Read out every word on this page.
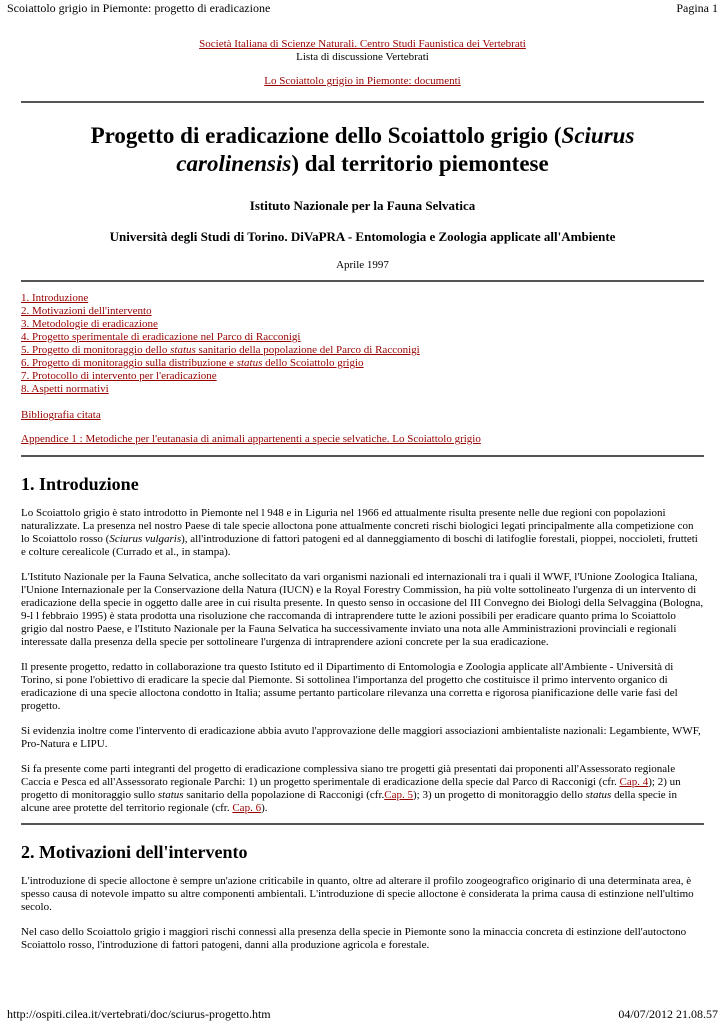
Scoiattolo grigio in Piemonte: progetto di eradicazione	Pagina 1
Società Italiana di Scienze Naturali. Centro Studi Faunistica dei Vertebrati
Lista di discussione Vertebrati
Lo Scoiattolo grigio in Piemonte: documenti
Progetto di eradicazione dello Scoiattolo grigio (Sciurus carolinensis) dal territorio piemontese
Istituto Nazionale per la Fauna Selvatica
Università degli Studi di Torino. DiVaPRA - Entomologia e Zoologia applicate all'Ambiente
Aprile 1997
1. Introduzione
2. Motivazioni dell'intervento
3. Metodologie di eradicazione
4. Progetto sperimentale di eradicazione nel Parco di Racconigi
5. Progetto di monitoraggio dello status sanitario della popolazione del Parco di Racconigi
6. Progetto di monitoraggio sulla distribuzione e status dello Scoiattolo grigio
7. Protocollo di intervento per l'eradicazione
8. Aspetti normativi
Bibliografia citata
Appendice 1 : Metodiche per l'eutanasia di animali appartenenti a specie selvatiche. Lo Scoiattolo grigio
1. Introduzione

Lo Scoiattolo grigio è stato introdotto in Piemonte nel l 948 e in Liguria nel 1966 ed attualmente risulta presente nelle due regioni con popolazioni naturalizzate. La presenza nel nostro Paese di tale specie alloctona pone attualmente concreti rischi biologici legati principalmente alla competizione con lo Scoiattolo rosso (Sciurus vulgaris), all'introduzione di fattori patogeni ed al danneggiamento di boschi di latifoglie forestali, pioppei, noccioleti, frutteti e colture cerealicole (Currado et al., in stampa).

L'Istituto Nazionale per la Fauna Selvatica, anche sollecitato da vari organismi nazionali ed internazionali tra i quali il WWF, l'Unione Zoologica Italiana, l'Unione Internazionale per la Conservazione della Natura (IUCN) e la Royal Forestry Commission, ha più volte sottolineato l'urgenza di un intervento di eradicazione della specie in oggetto dalle aree in cui risulta presente. In questo senso in occasione del III Convegno dei Biologi della Selvaggina (Bologna, 9-l l febbraio 1995) è stata prodotta una risoluzione che raccomanda di intraprendere tutte le azioni possibili per eradicare quanto prima lo Scoiattolo grigio dal nostro Paese, e l'Istituto Nazionale per la Fauna Selvatica ha successivamente inviato una nota alle Amministrazioni provinciali e regionali interessate dalla presenza della specie per sottolineare l'urgenza di intraprendere azioni concrete per la sua eradicazione.

Il presente progetto, redatto in collaborazione tra questo Istituto ed il Dipartimento di Entomologia e Zoologia applicate all'Ambiente - Università di Torino, si pone l'obiettivo di eradicare la specie dal Piemonte. Si sottolinea l'importanza del progetto che costituisce il primo intervento organico di eradicazione di una specie alloctona condotto in Italia; assume pertanto particolare rilevanza una corretta e rigorosa pianificazione delle varie fasi del progetto.

Si evidenzia inoltre come l'intervento di eradicazione abbia avuto l'approvazione delle maggiori associazioni ambientaliste nazionali: Legambiente, WWF, Pro-Natura e LIPU.

Si fa presente come parti integranti del progetto di eradicazione complessiva siano tre progetti già presentati dai proponenti all'Assessorato regionale Caccia e Pesca ed all'Assessorato regionale Parchi: 1) un progetto sperimentale di eradicazione della specie dal Parco di Racconigi (cfr. Cap. 4); 2) un progetto di monitoraggio sullo status sanitario della popolazione di Racconigi (cfr.Cap. 5); 3) un progetto di monitoraggio dello status della specie in alcune aree protette del territorio regionale (cfr. Cap. 6).

2. Motivazioni dell'intervento

L'introduzione di specie alloctone è sempre un'azione criticabile in quanto, oltre ad alterare il profilo zoogeografico originario di una determinata area, è spesso causa di notevole impatto su altre componenti ambientali. L'introduzione di specie alloctone è considerata la prima causa di estinzione nell'ultimo secolo.

Nel caso dello Scoiattolo grigio i maggiori rischi connessi alla presenza della specie in Piemonte sono la minaccia concreta di estinzione dell'autoctono Scoiattolo rosso, l'introduzione di fattori patogeni, danni alla produzione agricola e forestale.

http://ospiti.cilea.it/vertebrati/doc/sciurus-progetto.htm	04/07/2012 21.08.57
